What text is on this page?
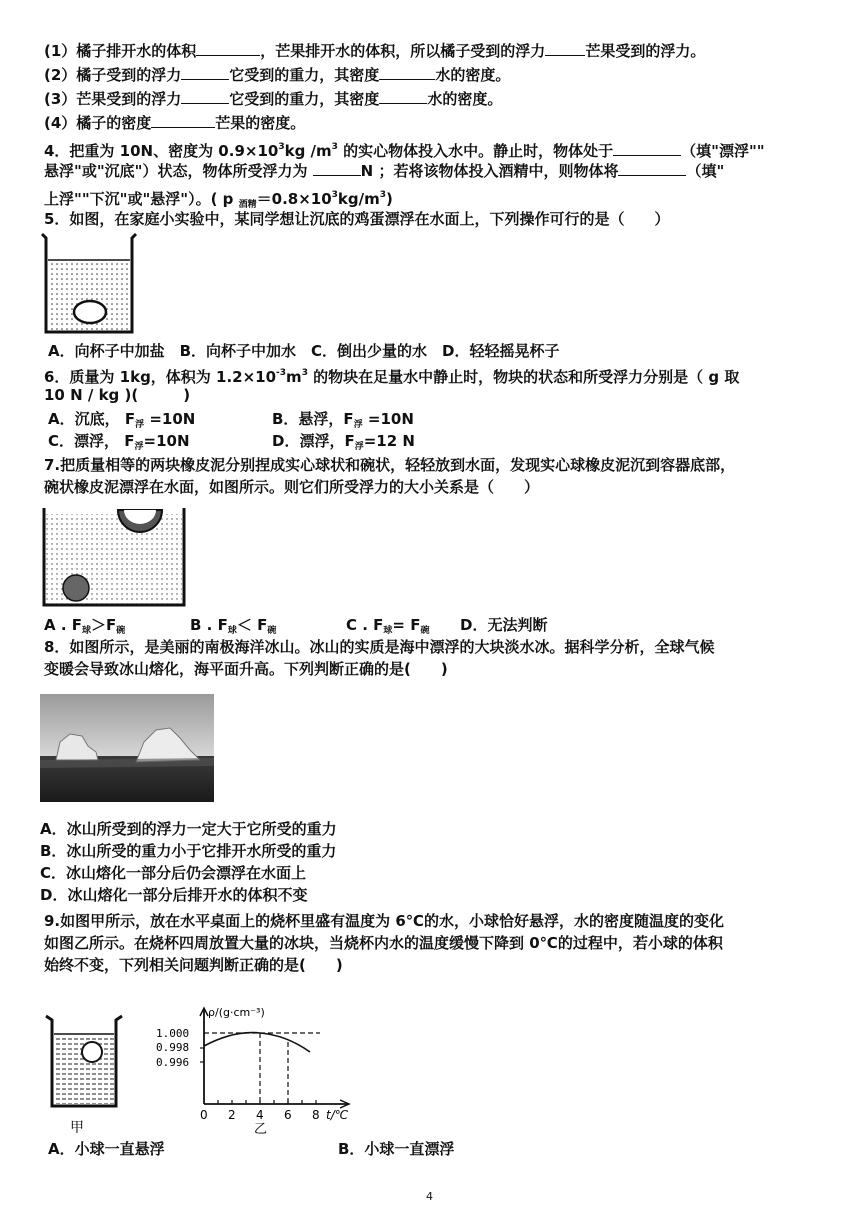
(1）橘子排开水的体积	，芒果排开水的体积，所以橘子受到的浮力	芒果受到的浮力。
(2）橘子受到的浮力	它受到的重力，其密度	水的密度。
(3）芒果受到的浮力	它受到的重力，其密度	水的密度。
(4）橘子的密度	芒果的密度。
4．把重为 10N、密度为 $0.9\times 10^3kg$ $/m^3$ 的实心物体投入水中。静止时，物体处于	（填"漂浮""
悬浮"或"沉底"）状态，物体所受浮力为	N ；若将该物体投入酒精中，则物体将	（填"
上浮""下沉"或"悬浮"）。( p $_{酒精}=0.8\times 10^3kg/m^3$)
5．如图，在家庭小实验中，某同学想让沉底的鸡蛋漂浮在水面上，下列操作可行的是（　　）
A．向杯子中加盐　B．向杯子中加水　C．倒出少量的水　D．轻轻摇晃杯子
6．质量为 1kg，体积为 $1.2\times 10^{-3}m^3$ 的物块在足量水中静止时，物块的状态和所受浮力分别是（ g 取
10 N / kg )(　　　)
A．沉底， $F_浮 =10N$	B．悬浮，$F_浮 =10N$
C．漂浮， $F_浮=10N$	D．漂浮，$F_浮=12$ N
7.把质量相等的两块橡皮泥分别捏成实心球状和碗状，轻轻放到水面，发现实心球橡皮泥沉到容器底部，
碗状橡皮泥漂浮在水面，如图所示。则它们所受浮力的大小关系是（　　）
A . $F_球>F_碗$	B . $F_球< F_碗$	C . $F_球= F_碗$ D．无法判断
8．如图所示，是美丽的南极海洋冰山。冰山的实质是海中漂浮的大块淡水冰。据科学分析，全球气候
变暖会导致冰山熔化，海平面升高。下列判断正确的是(　　)
A．冰山所受到的浮力一定大于它所受的重力
B．冰山所受的重力小于它排开水所受的重力
C．冰山熔化一部分后仍会漂浮在水面上
D．冰山熔化一部分后排开水的体积不变
9.如图甲所示，放在水平桌面上的烧杯里盛有温度为 6℃的水，小球恰好悬浮，水的密度随温度的变化
如图乙所示。在烧杯四周放置大量的冰块，当烧杯内水的温度缓慢下降到 0℃的过程中，若小球的体积
始终不变，下列相关问题判断正确的是(　　)
甲
ρ/(g·cm⁻³)
1.000
0.998
0.996
0 2 4 6 8 t/℃
乙
A．小球一直悬浮	B．小球一直漂浮
4
